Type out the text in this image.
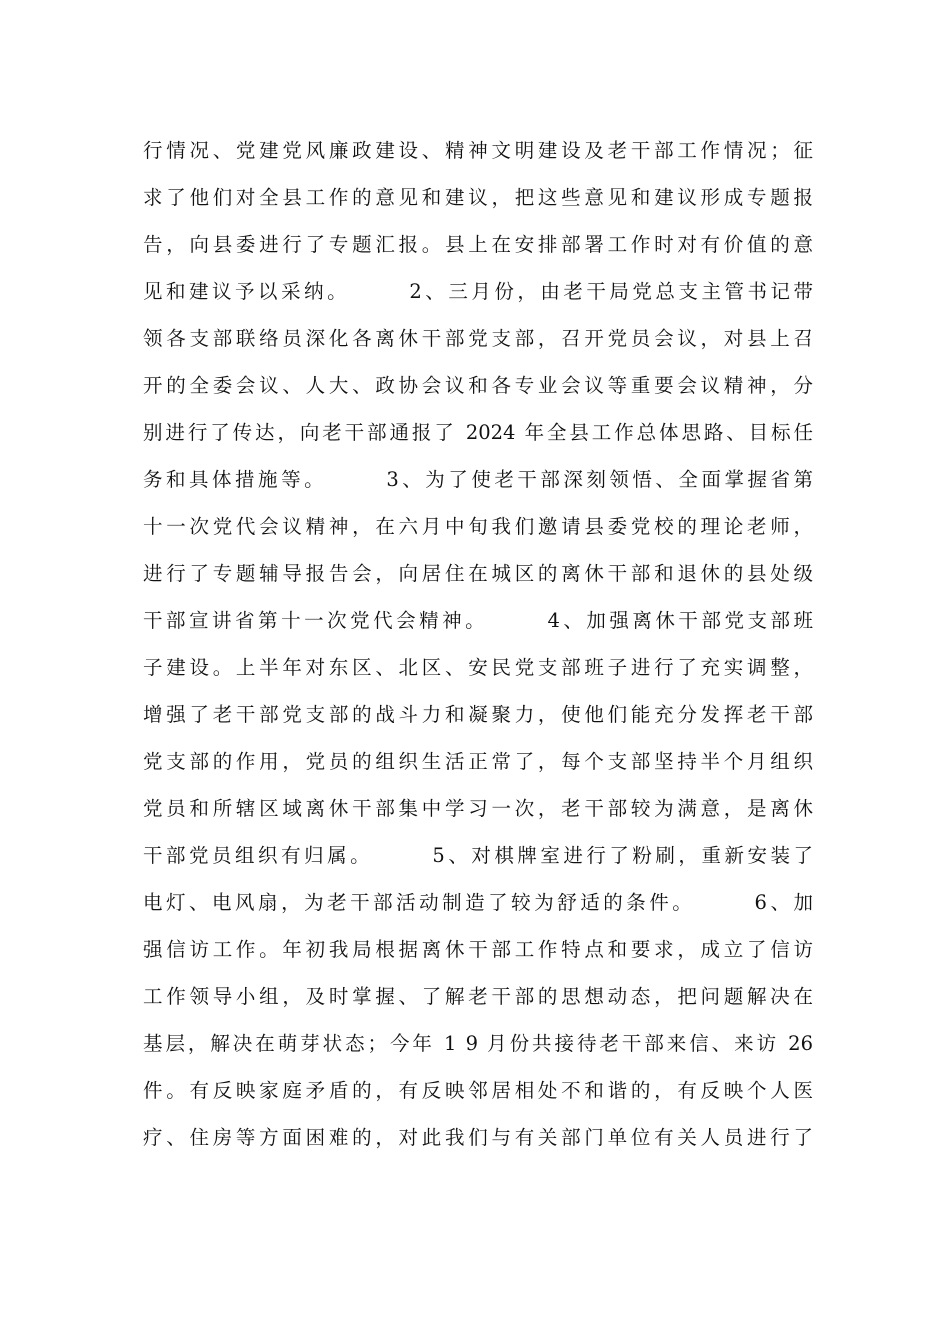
行情况、党建党风廉政建设、精神文明建设及老干部工作情况；征
求了他们对全县工作的意见和建议，把这些意见和建议形成专题报
告，向县委进行了专题汇报。县上在安排部署工作时对有价值的意
见和建议予以采纳。　　　2、三月份，由老干局党总支主管书记带
领各支部联络员深化各离休干部党支部，召开党员会议，对县上召
开的全委会议、人大、政协会议和各专业会议等重要会议精神，分
别进行了传达，向老干部通报了 2024 年全县工作总体思路、目标任
务和具体措施等。　　　3、为了使老干部深刻领悟、全面掌握省第
十一次党代会议精神，在六月中旬我们邀请县委党校的理论老师，
进行了专题辅导报告会，向居住在城区的离休干部和退休的县处级
干部宣讲省第十一次党代会精神。　　　4、加强离休干部党支部班
子建设。上半年对东区、北区、安民党支部班子进行了充实调整，
增强了老干部党支部的战斗力和凝聚力，使他们能充分发挥老干部
党支部的作用，党员的组织生活正常了，每个支部坚持半个月组织
党员和所辖区域离休干部集中学习一次，老干部较为满意，是离休
干部党员组织有归属。　　　5、对棋牌室进行了粉刷，重新安装了
电灯、电风扇，为老干部活动制造了较为舒适的条件。　　　6、加
强信访工作。年初我局根据离休干部工作特点和要求，成立了信访
工作领导小组，及时掌握、了解老干部的思想动态，把问题解决在
基层，解决在萌芽状态；今年 1 9 月份共接待老干部来信、来访 26
件。有反映家庭矛盾的，有反映邻居相处不和谐的，有反映个人医
疗、住房等方面困难的，对此我们与有关部门单位有关人员进行了
